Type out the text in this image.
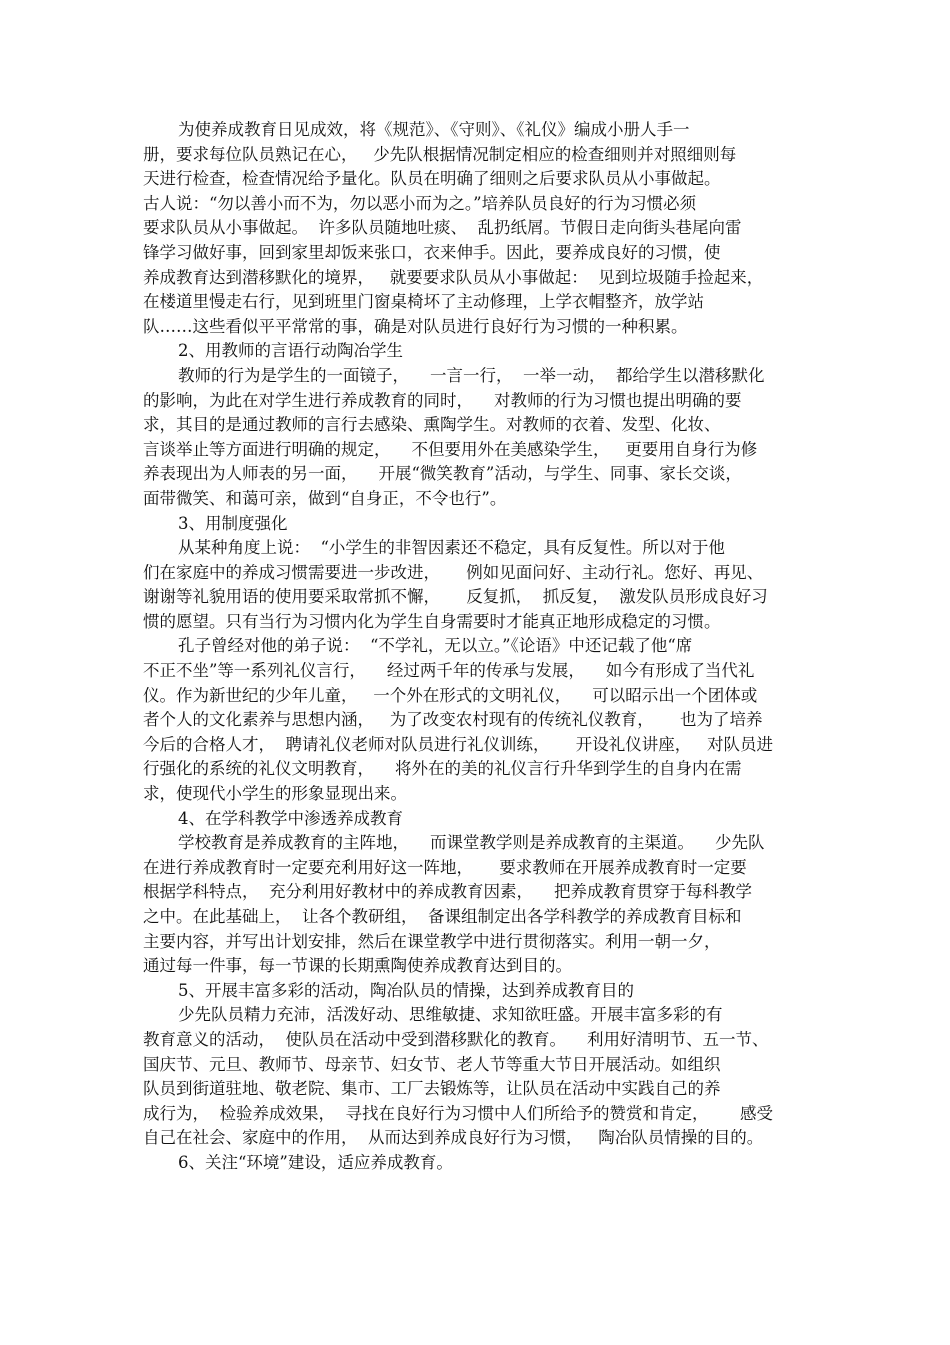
为使养成教育日见成效，将《规范》、《守则》、《礼仪》编成小册人手一
册，要求每位队员熟记在心，   少先队根据情况制定相应的检查细则并对照细则每
天进行检查，检查情况给予量化。队员在明确了细则之后要求队员从小事做起。
古人说：“勿以善小而不为，勿以恶小而为之。”培养队员良好的行为习惯必须
要求队员从小事做起。  许多队员随地吐痰、  乱扔纸屑。节假日走向街头巷尾向雷
锋学习做好事，回到家里却饭来张口，衣来伸手。因此，要养成良好的习惯，使
养成教育达到潜移默化的境界，   就要要求队员从小事做起：  见到垃圾随手捡起来，
在楼道里慢走右行，见到班里门窗桌椅坏了主动修理，上学衣帽整齐，放学站
队……这些看似平平常常的事，确是对队员进行良好行为习惯的一种积累。
2、用教师的言语行动陶冶学生
教师的行为是学生的一面镜子，    一言一行，  一举一动，  都给学生以潜移默化
的影响，为此在对学生进行养成教育的同时，    对教师的行为习惯也提出明确的要
求，其目的是通过教师的言行去感染、熏陶学生。对教师的衣着、发型、化妆、
言谈举止等方面进行明确的规定，    不但要用外在美感染学生，   更要用自身行为修
养表现出为人师表的另一面，    开展“微笑教育”活动，与学生、同事、家长交谈，
面带微笑、和蔼可亲，做到“自身正，不令也行”。
3、用制度强化
从某种角度上说：  “小学生的非智因素还不稳定，具有反复性。所以对于他
们在家庭中的养成习惯需要进一步改进，     例如见面问好、主动行礼。您好、再见、
谢谢等礼貌用语的使用要采取常抓不懈，     反复抓，  抓反复，  激发队员形成良好习
惯的愿望。只有当行为习惯内化为学生自身需要时才能真正地形成稳定的习惯。
孔子曾经对他的弟子说：  “不学礼，无以立。”《论语》中还记载了他“席
不正不坐”等一系列礼仪言行，    经过两千年的传承与发展，    如今有形成了当代礼
仪。作为新世纪的少年儿童，   一个外在形式的文明礼仪，    可以昭示出一个团体或
者个人的文化素养与思想内涵，   为了改变农村现有的传统礼仪教育，     也为了培养
今后的合格人才，  聘请礼仪老师对队员进行礼仪训练，     开设礼仪讲座，   对队员进
行强化的系统的礼仪文明教育，    将外在的美的礼仪言行升华到学生的自身内在需
求，使现代小学生的形象显现出来。
4、在学科教学中渗透养成教育
学校教育是养成教育的主阵地，    而课堂教学则是养成教育的主渠道。    少先队
在进行养成教育时一定要充利用好这一阵地，     要求教师在开展养成教育时一定要
根据学科特点，  充分利用好教材中的养成教育因素，    把养成教育贯穿于每科教学
之中。在此基础上，  让各个教研组，  备课组制定出各学科教学的养成教育目标和
主要内容，并写出计划安排，然后在课堂教学中进行贯彻落实。利用一朝一夕，
通过每一件事，每一节课的长期熏陶使养成教育达到目的。
5、开展丰富多彩的活动，陶冶队员的情操，达到养成教育目的
少先队员精力充沛，活泼好动、思维敏捷、求知欲旺盛。开展丰富多彩的有
教育意义的活动，  使队员在活动中受到潜移默化的教育。    利用好清明节、五一节、
国庆节、元旦、教师节、母亲节、妇女节、老人节等重大节日开展活动。如组织
队员到街道驻地、敬老院、集市、工厂去锻炼等，让队员在活动中实践自己的养
成行为，  检验养成效果，  寻找在良好行为习惯中人们所给予的赞赏和肯定，      感受
自己在社会、家庭中的作用，  从而达到养成良好行为习惯，   陶冶队员情操的目的。
6、关注“环境”建设，适应养成教育。
